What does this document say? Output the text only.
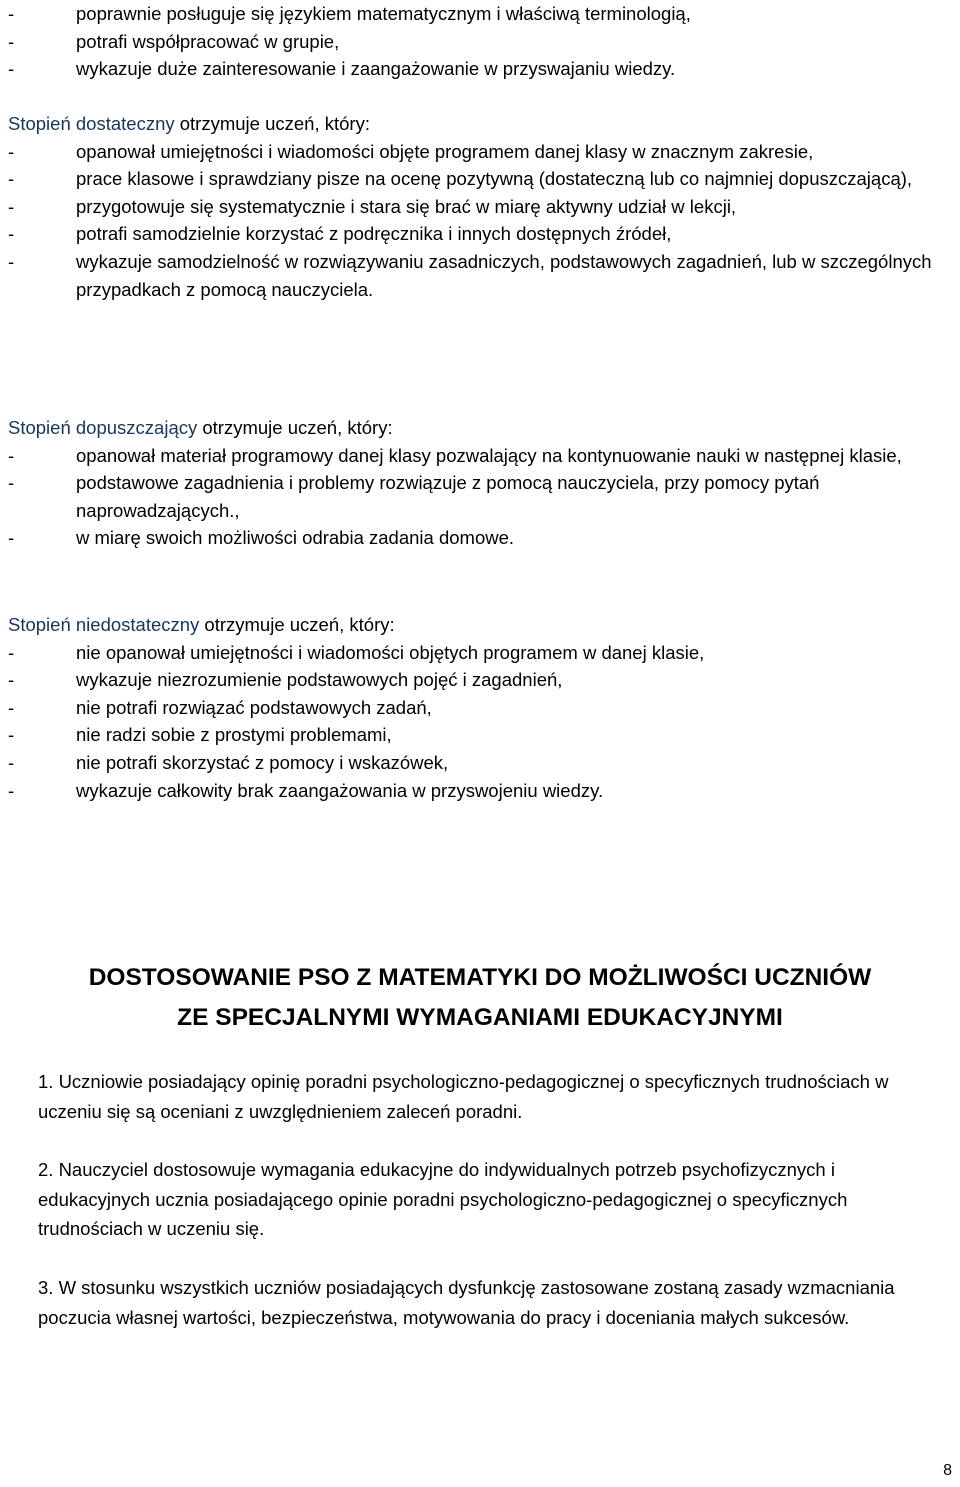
-	poprawnie posługuje się językiem matematycznym i właściwą terminologią,
-	potrafi współpracować w grupie,
-	wykazuje duże zainteresowanie i zaangażowanie w przyswajaniu wiedzy.
Stopień dostateczny otrzymuje uczeń, który:
-	opanował umiejętności i wiadomości objęte programem danej klasy w znacznym zakresie,
-	prace klasowe i sprawdziany pisze na ocenę pozytywną (dostateczną lub co najmniej dopuszczającą),
-	przygotowuje się systematycznie i stara się brać w miarę aktywny udział w lekcji,
-	potrafi samodzielnie korzystać z podręcznika i innych dostępnych źródeł,
-	wykazuje samodzielność w rozwiązywaniu zasadniczych, podstawowych zagadnień, lub w szczególnych przypadkach z pomocą nauczyciela.
Stopień dopuszczający otrzymuje uczeń, który:
-	opanował materiał programowy danej klasy pozwalający na kontynuowanie nauki w następnej klasie,
-	podstawowe zagadnienia i problemy rozwiązuje z pomocą nauczyciela, przy pomocy pytań naprowadzających.,
-	w miarę swoich możliwości odrabia zadania domowe.
Stopień niedostateczny otrzymuje uczeń, który:
-	nie opanował umiejętności i wiadomości objętych programem w danej klasie,
-	wykazuje niezrozumienie podstawowych pojęć i zagadnień,
-	nie potrafi rozwiązać podstawowych zadań,
-	nie radzi sobie z prostymi problemami,
-	nie potrafi skorzystać z pomocy i wskazówek,
-	wykazuje całkowity brak zaangażowania w przyswojeniu wiedzy.
DOSTOSOWANIE PSO Z MATEMATYKI DO MOŻLIWOŚCI UCZNIÓW
ZE SPECJALNYMI WYMAGANIAMI EDUKACYJNYMI
1. Uczniowie posiadający opinię poradni psychologiczno-pedagogicznej o specyficznych trudnościach w uczeniu się są oceniani z uwzględnieniem zaleceń poradni.
2. Nauczyciel dostosowuje wymagania edukacyjne do indywidualnych potrzeb psychofizycznych i edukacyjnych ucznia posiadającego opinie poradni psychologiczno-pedagogicznej o specyficznych trudnościach w uczeniu się.
3. W stosunku wszystkich uczniów posiadających dysfunkcję zastosowane zostaną zasady wzmacniania poczucia własnej wartości, bezpieczeństwa, motywowania do pracy i doceniania małych sukcesów.
8
